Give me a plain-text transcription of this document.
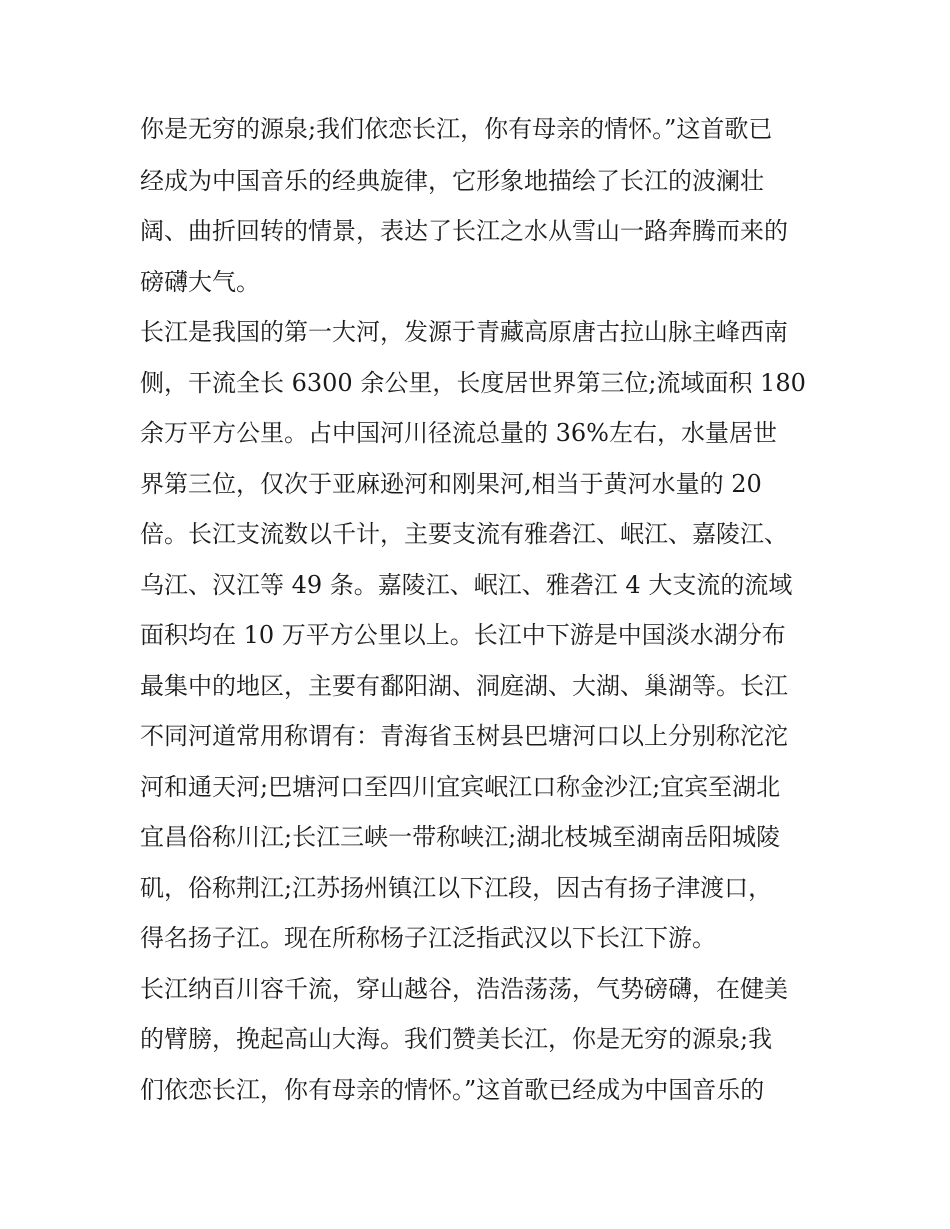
你是无穷的源泉;我们依恋长江，你有母亲的情怀。”这首歌已
经成为中国音乐的经典旋律，它形象地描绘了长江的波澜壮
阔、曲折回转的情景，表达了长江之水从雪山一路奔腾而来的
磅礴大气。
长江是我国的第一大河，发源于青藏高原唐古拉山脉主峰西南
侧，干流全长 6300 余公里，长度居世界第三位;流域面积 180
余万平方公里。占中国河川径流总量的 36%左右，水量居世
界第三位，仅次于亚麻逊河和刚果河,相当于黄河水量的 20
倍。长江支流数以千计，主要支流有雅砻江、岷江、嘉陵江、
乌江、汉江等 49 条。嘉陵江、岷江、雅砻江 4 大支流的流域
面积均在 10 万平方公里以上。长江中下游是中国淡水湖分布
最集中的地区，主要有鄱阳湖、洞庭湖、大湖、巢湖等。长江
不同河道常用称谓有：青海省玉树县巴塘河口以上分别称沱沱
河和通天河;巴塘河口至四川宜宾岷江口称金沙江;宜宾至湖北
宜昌俗称川江;长江三峡一带称峡江;湖北枝城至湖南岳阳城陵
矶，俗称荆江;江苏扬州镇江以下江段，因古有扬子津渡口，
得名扬子江。现在所称杨子江泛指武汉以下长江下游。
长江纳百川容千流，穿山越谷，浩浩荡荡，气势磅礴，在健美
的臂膀，挽起高山大海。我们赞美长江，你是无穷的源泉;我
们依恋长江，你有母亲的情怀。”这首歌已经成为中国音乐的
